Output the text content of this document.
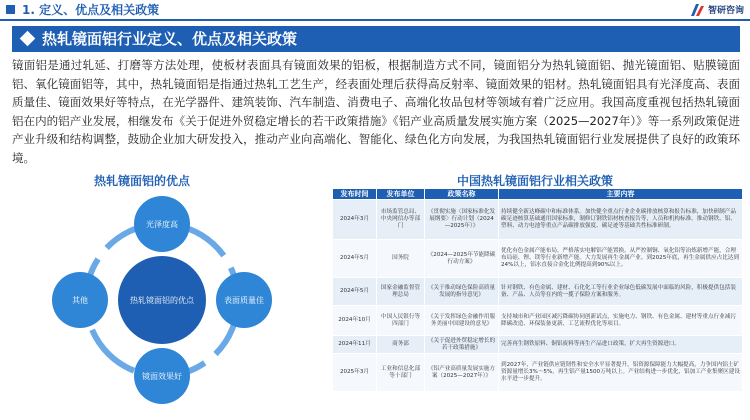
1. 定义、优点及相关政策	智研咨询
热轧镜面铝行业定义、优点及相关政策
镜面铝是通过轧延、打磨等方法处理，使板材表面具有镜面效果的铝板，根据制造方式不同，镜面铝分为热轧镜面铝、抛光镜面铝、贴膜镜面铝、氧化镜面铝等，其中，热轧镜面铝是指通过热轧工艺生产，经表面处理后获得高反射率、镜面效果的铝材。热轧镜面铝具有光泽度高、表面质量佳、镜面效果好等特点，在光学器件、建筑装饰、汽车制造、消费电子、高端化妆品包材等领域有着广泛应用。我国高度重视包括热轧镜面铝在内的铝产业发展，相继发布《关于促进外贸稳定增长的若干政策措施》《铝产业高质量发展实施方案（2025—2027年）》等一系列政策促进产业升级和结构调整，鼓励企业加大研发投入，推动产业向高端化、智能化、绿色化方向发展，为我国热轧镜面铝行业发展提供了良好的政策环境。
热轧镜面铝的优点	中国热轧镜面铝行业相关政策
热轧镜面铝的优点
光泽度高
表面质量佳
镜面效果好
其他
发布时间	发布单位	政策名称	主要内容
2024年3月	市场监管总局、中央网信办等部门	《贯彻实施〈国家标准化发展纲要〉行动计划（2024—2025年）》	持续健全新达峰碳中和标准体系。加快健全重点行业企业碳排放核算和报告标准，加快研制产品碳足迹核算基础通用国家标准，制修订钢铁铝材核查报告等，人员和机构标准。推动钢铁、铝、塑料、动力电池等重点产品碳排放强度、碳足迹等基础共性标准研制。
2024年5月	国务院	《2024—2025年节能降碳行动方案》	优化有色金属产能布局，严格落实电解铝产能置换，从严控制铜、氧化铝等冶炼新增产能，合理布局硅、锂、镁等行业新增产能。大力发展再生金属产业。到2025年底，再生金属供应占比达到24%以上，铝水直接合金化比例提高到90%以上。
2024年5月	国家金融监督管理总局	《关于推动绿色保险高质量发展的指导意见》	针对钢铁、有色金属、建材、石化化工等行业企业绿色低碳发展中面临的风险，积极提供包括装备、产品、人员等在内的一揽子保险方案和服务。
2024年10月	中国人民银行等四部门	《关于发挥绿色金融作用服务美丽中国建设的意见》	支持城市和产业园区减污降碳协同创新试点，实施电力、钢铁、有色金属、建材等重点行业减污降碳改造、环保装备更新、工艺流程优化等项目。
2024年11月	商务部	《关于促进外贸稳定增长的若干政策措施》	完善再生钢铁原料、铜铝废料等再生产品进口政策，扩大再生资源进口。
2025年3月	工业和信息化部等十部门	《铝产业高质量发展实施方案（2025—2027年）》	到2027年，产业链供应链韧性和安全水平显著提升，铝资源保障能力大幅提高，力争国内铝土矿资源量增长3%～5%，再生铝产量1500万吨以上。产业结构进一步优化，铝加工产业集聚区建设水平进一步提升。
